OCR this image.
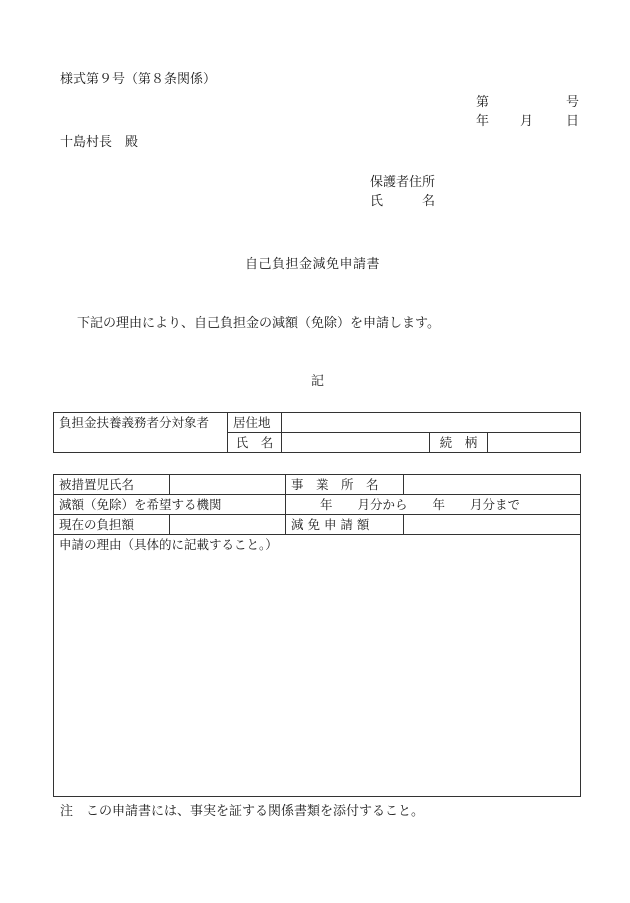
様式第９号（第８条関係）
第	号
年 月	日
十島村長　殿
保護者住所
氏　　　名
自己負担金減免申請書
下記の理由により、自己負担金の減額（免除）を申請します。
記
負担金扶養義務者分対象者	居住地			
	氏　名		続　柄	
被措置児氏名		事　業　所　名	
減額（免除）を希望する機関		年　　月分から　　年　　月分まで	
現在の負担額		減 免 申 請 額	
申請の理由（具体的に記載すること。）			
注　この申請書には、事実を証する関係書類を添付すること。
